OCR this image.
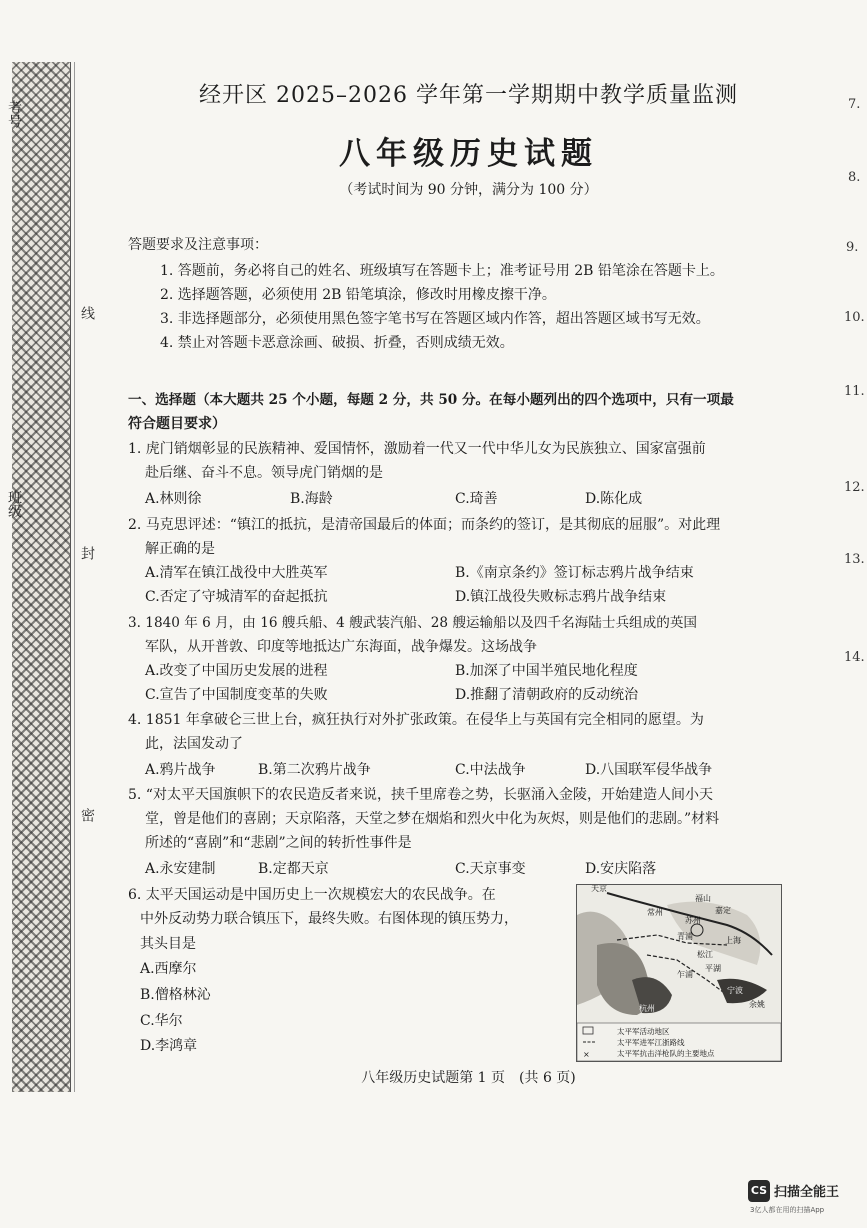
考号
班级
线
封
密
7.
8.
9.
10.
11.
12.
13.
14.
经开区 2025–2026 学年第一学期期中教学质量监测
八年级历史试题
（考试时间为 90 分钟，满分为 100 分）
答题要求及注意事项：
1. 答题前，务必将自己的姓名、班级填写在答题卡上；准考证号用 2B 铅笔涂在答题卡上。
2. 选择题答题，必须使用 2B 铅笔填涂，修改时用橡皮擦干净。
3. 非选择题部分，必须使用黑色签字笔书写在答题区域内作答，超出答题区域书写无效。
4. 禁止对答题卡恶意涂画、破损、折叠，否则成绩无效。
一、选择题（本大题共 25 个小题，每题 2 分，共 50 分。在每小题列出的四个选项中，只有一项最
符合题目要求）
1. 虎门销烟彰显的民族精神、爱国情怀，激励着一代又一代中华儿女为民族独立、国家富强前
赴后继、奋斗不息。领导虎门销烟的是
A.林则徐	B.海龄	C.琦善	D.陈化成
2. 马克思评述：“镇江的抵抗，是清帝国最后的体面；而条约的签订，是其彻底的屈服”。对此理
解正确的是
A.清军在镇江战役中大胜英军	B.《南京条约》签订标志鸦片战争结束
C.否定了守城清军的奋起抵抗	D.镇江战役失败标志鸦片战争结束
3. 1840 年 6 月，由 16 艘兵船、4 艘武装汽船、28 艘运输船以及四千名海陆士兵组成的英国
军队，从开普敦、印度等地抵达广东海面，战争爆发。这场战争
A.改变了中国历史发展的进程	B.加深了中国半殖民地化程度
C.宣告了中国制度变革的失败	D.推翻了清朝政府的反动统治
4. 1851 年拿破仑三世上台，疯狂执行对外扩张政策。在侵华上与英国有完全相同的愿望。为
此，法国发动了
A.鸦片战争	B.第二次鸦片战争	C.中法战争	D.八国联军侵华战争
5. “对太平天国旗帜下的农民造反者来说，挟千里席卷之势，长驱涌入金陵，开始建造人间小天
堂，曾是他们的喜剧；天京陷落，天堂之梦在烟焰和烈火中化为灰烬，则是他们的悲剧。”材料
所述的“喜剧”和“悲剧”之间的转折性事件是
A.永安建制	B.定都天京	C.天京事变	D.安庆陷落
6. 太平天国运动是中国历史上一次规模宏大的农民战争。在
中外反动势力联合镇压下，最终失败。右图体现的镇压势力，
其头目是
A.西摩尔
B.僧格林沁
C.华尔
D.李鸿章
天京
常州
苏州
青浦	上海
嘉定
松江
杭州
宁波
福山
平湖
乍浦
余姚
×
太平军活动地区
太平军进军江浙路线
太平军抗击洋枪队的主要地点
八年级历史试题第 1 页　(共 6 页)
CS 扫描全能王
3亿人都在用的扫描App
